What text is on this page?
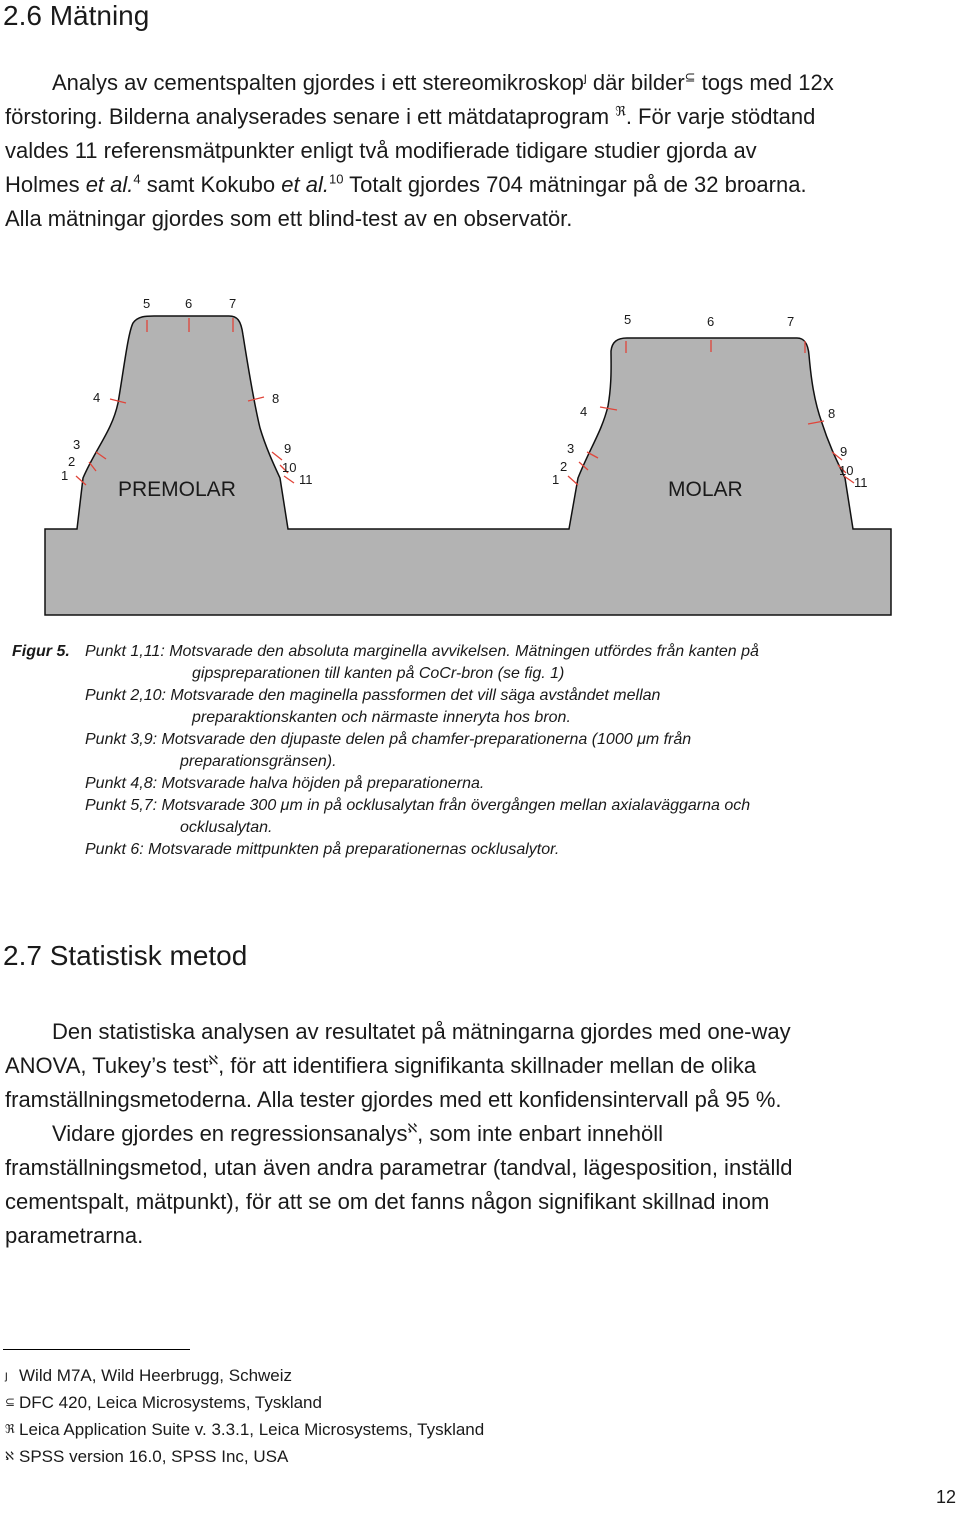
2.6 Mätning
Analys av cementspalten gjordes i ett stereomikroskop$^ȷ$ där bilder⊆ togs med 12x
förstoring. Bilderna analyserades senare i ett mätdataprogram $^ℜ$. För varje stödtand
valdes 11 referensmätpunkter enligt två modifierade tidigare studier gjorda av
Holmes et al.$^4$ samt Kokubo et al.$^{10}$ Totalt gjordes 704 mätningar på de 32 broarna.
Alla mätningar gjordes som ett blind-test av en observatör.
1
2
3
4
5	6	7
8
9
10
11	1
2
3
4
5	6	7
8
9
10
11
PREMOLAR	MOLAR
Figur 5. Punkt 1,11: Motsvarade den absoluta marginella avvikelsen. Mätningen utfördes från kanten på
gipspreparationen till kanten på CoCr-bron (se fig. 1)
Punkt 2,10: Motsvarade den maginella passformen det vill säga avståndet mellan
preparaktionskanten och närmaste inneryta hos bron.
Punkt 3,9: Motsvarade den djupaste delen på chamfer-preparationerna (1000 μm från
preparationsgränsen).
Punkt 4,8: Motsvarade halva höjden på preparationerna.
Punkt 5,7: Motsvarade 300 μm in på ocklusalytan från övergången mellan axialaväggarna och
ocklusalytan.
Punkt 6: Motsvarade mittpunkten på preparationernas ocklusalytor.
2.7 Statistisk metod
Den statistiska analysen av resultatet på mätningarna gjordes med one-way
ANOVA, Tukey’s test$^ℵ$, för att identifiera signifikanta skillnader mellan de olika
framställningsmetoderna. Alla tester gjordes med ett konfidensintervall på 95 %.
Vidare gjordes en regressionsanalys$^ℵ$, som inte enbart innehöll
framställningsmetod, utan även andra parametrar (tandval, lägesposition, inställd
cementspalt, mätpunkt), för att se om det fanns någon signifikant skillnad inom
parametrarna.
ȷ Wild M7A, Wild Heerbrugg, Schweiz
⊆ DFC 420, Leica Microsystems, Tyskland
ℜ Leica Application Suite v. 3.3.1, Leica Microsystems, Tyskland
ℵ SPSS version 16.0, SPSS Inc, USA
12
